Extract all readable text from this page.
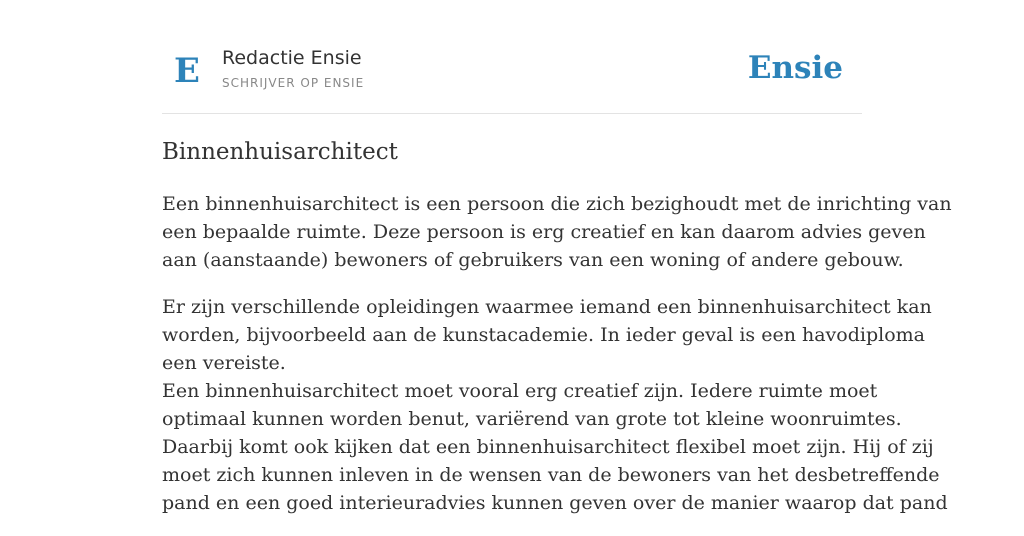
E Redactie Ensie
SCHRIJVER OP ENSIE	Ensie
Binnenhuisarchitect

Een binnenhuisarchitect is een persoon die zich bezighoudt met de inrichting van
een bepaalde ruimte. Deze persoon is erg creatief en kan daarom advies geven
aan (aanstaande) bewoners of gebruikers van een woning of andere gebouw.

Er zijn verschillende opleidingen waarmee iemand een binnenhuisarchitect kan
worden, bijvoorbeeld aan de kunstacademie. In ieder geval is een havodiploma
een vereiste.
Een binnenhuisarchitect moet vooral erg creatief zijn. Iedere ruimte moet
optimaal kunnen worden benut, variërend van grote tot kleine woonruimtes.
Daarbij komt ook kijken dat een binnenhuisarchitect flexibel moet zijn. Hij of zij
moet zich kunnen inleven in de wensen van de bewoners van het desbetreffende
pand en een goed interieuradvies kunnen geven over de manier waarop dat pand
